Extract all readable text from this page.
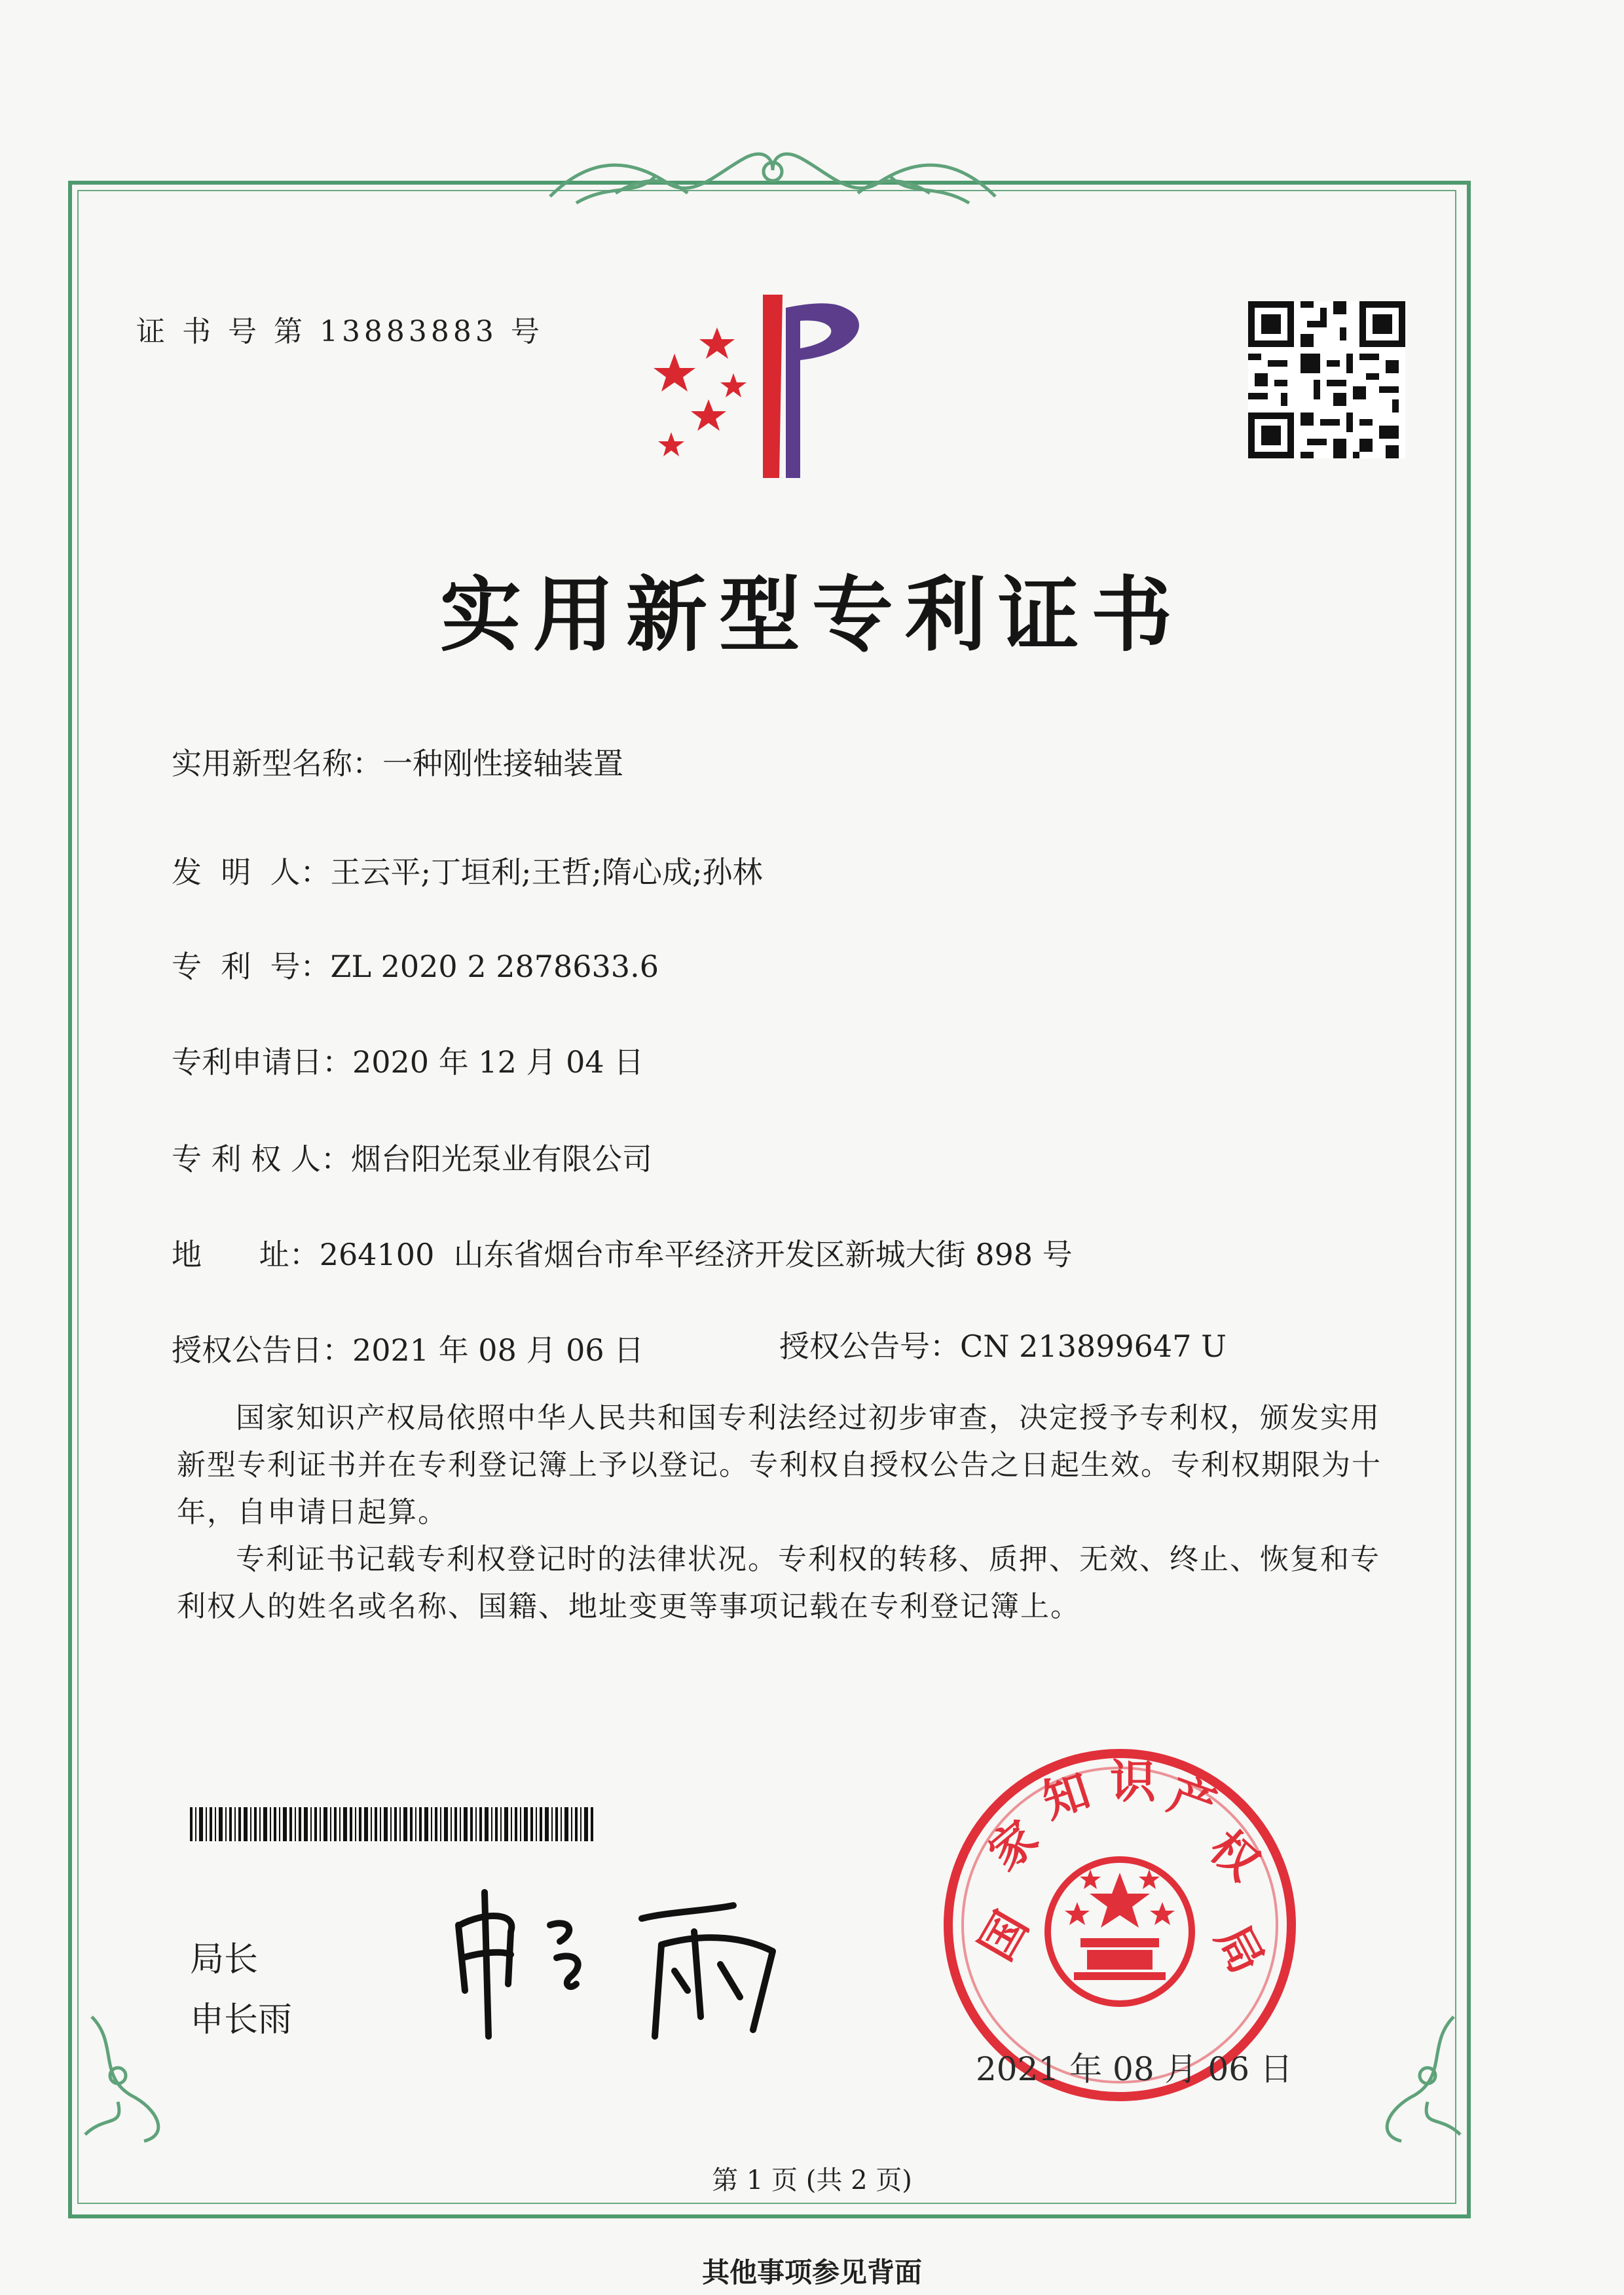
证 书 号 第 13883883 号
实用新型专利证书
实用新型名称：一种刚性接轴装置
发  明  人：王云平;丁垣利;王哲;隋心成;孙林
专  利  号：ZL 2020 2 2878633.6
专利申请日：2020 年 12 月 04 日
专 利 权 人：烟台阳光泵业有限公司
地      址：264100  山东省烟台市牟平经济开发区新城大街 898 号
授权公告日：2021 年 08 月 06 日	授权公告号：CN 213899647 U
国家知识产权局依照中华人民共和国专利法经过初步审查，决定授予专利权，颁发实用新型专利证书并在专利登记簿上予以登记。专利权自授权公告之日起生效。专利权期限为十年，自申请日起算。
专利证书记载专利权登记时的法律状况。专利权的转移、质押、无效、终止、恢复和专利权人的姓名或名称、国籍、地址变更等事项记载在专利登记簿上。
局长
申长雨
国
家
知 识 产
权
局
2021 年 08 月 06 日
第 1 页 (共 2 页)
其他事项参见背面
